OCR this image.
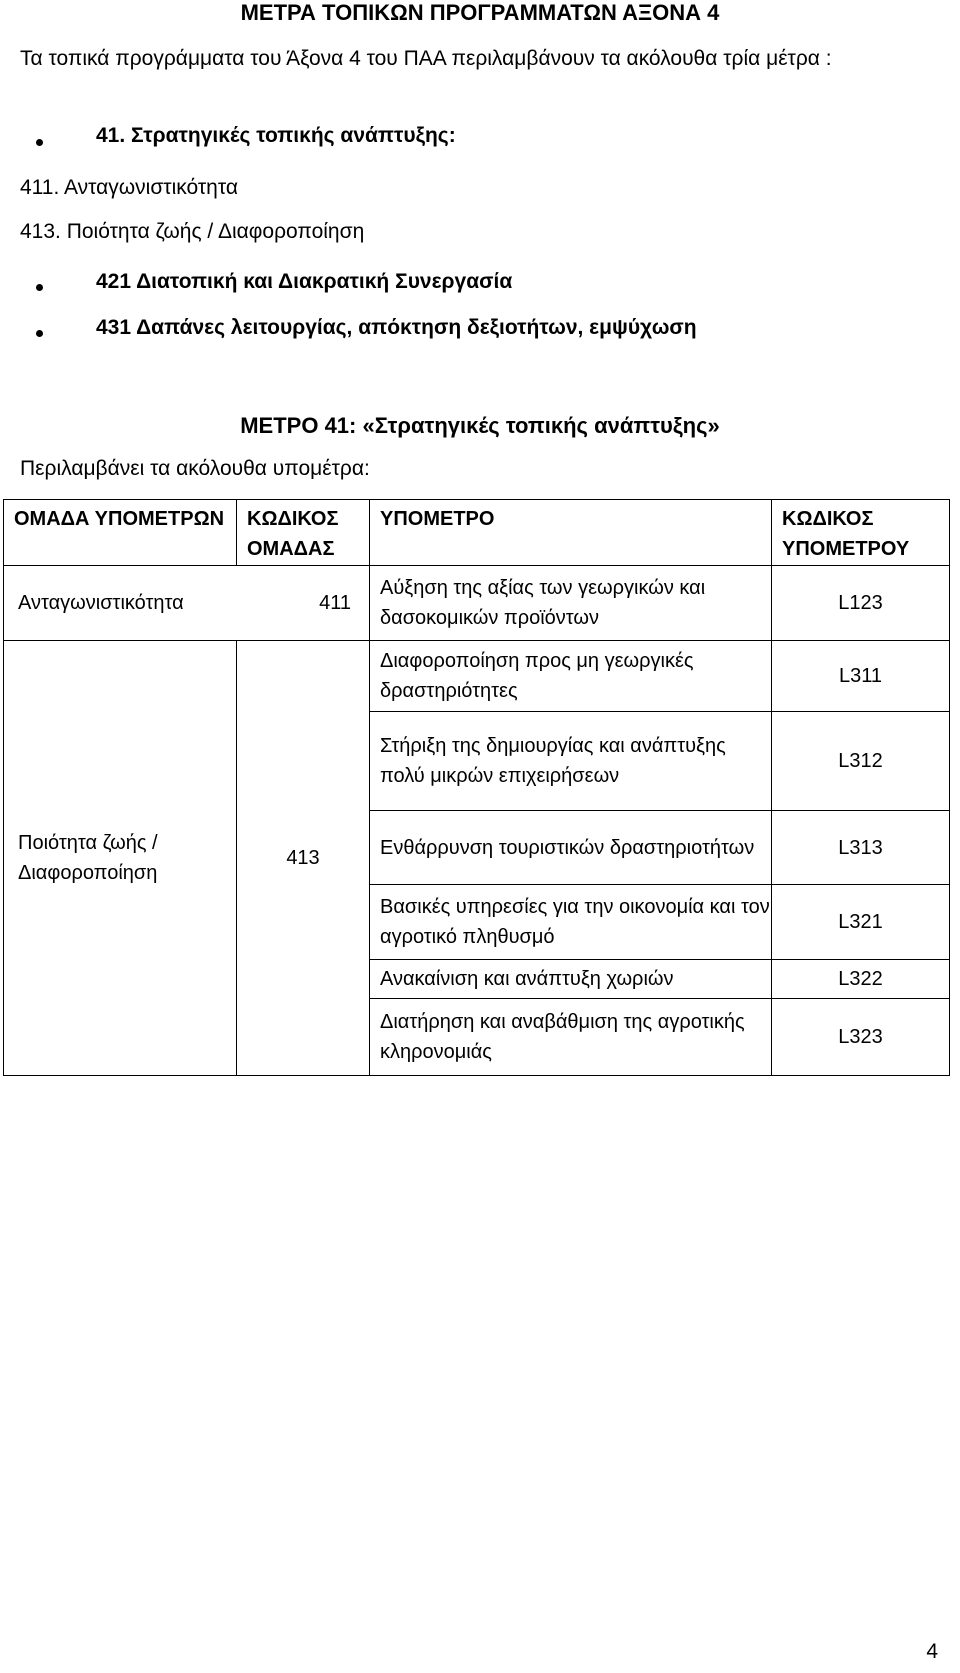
ΜΕΤΡΑ ΤΟΠΙΚΩΝ ΠΡΟΓΡΑΜΜΑΤΩΝ ΑΞΟΝΑ 4
Τα τοπικά προγράμματα του Άξονα 4 του ΠΑΑ περιλαμβάνουν τα ακόλουθα τρία μέτρα :
41. Στρατηγικές τοπικής ανάπτυξης:
411. Ανταγωνιστικότητα
413. Ποιότητα ζωής / Διαφοροποίηση
421 Διατοπική και Διακρατική Συνεργασία
431 Δαπάνες λειτουργίας, απόκτηση δεξιοτήτων, εμψύχωση
ΜΕΤΡΟ 41: «Στρατηγικές τοπικής ανάπτυξης»
Περιλαμβάνει τα ακόλουθα υπομέτρα:
ΟΜΑΔΑ ΥΠΟΜΕΤΡΩΝ	ΚΩΔΙΚΟΣ ΟΜΑΔΑΣ	ΥΠΟΜΕΤΡΟ	ΚΩΔΙΚΟΣ ΥΠΟΜΕΤΡΟΥ

Ανταγωνιστικότητα 411		Αύξηση της αξίας των γεωργικών και δασοκομικών προϊόντων	L123
Ποιότητα ζωής / Διαφοροποίηση	413	Διαφοροποίηση προς μη γεωργικές δραστηριότητες	L311
		Στήριξη της δημιουργίας και ανάπτυξης πολύ μικρών επιχειρήσεων	L312
		Ενθάρρυνση τουριστικών δραστηριοτήτων	L313
		Βασικές υπηρεσίες για την οικονομία και τον αγροτικό πληθυσμό	L321
		Ανακαίνιση και ανάπτυξη χωριών	L322
		Διατήρηση και αναβάθμιση της αγροτικής κληρονομιάς	L323
4
